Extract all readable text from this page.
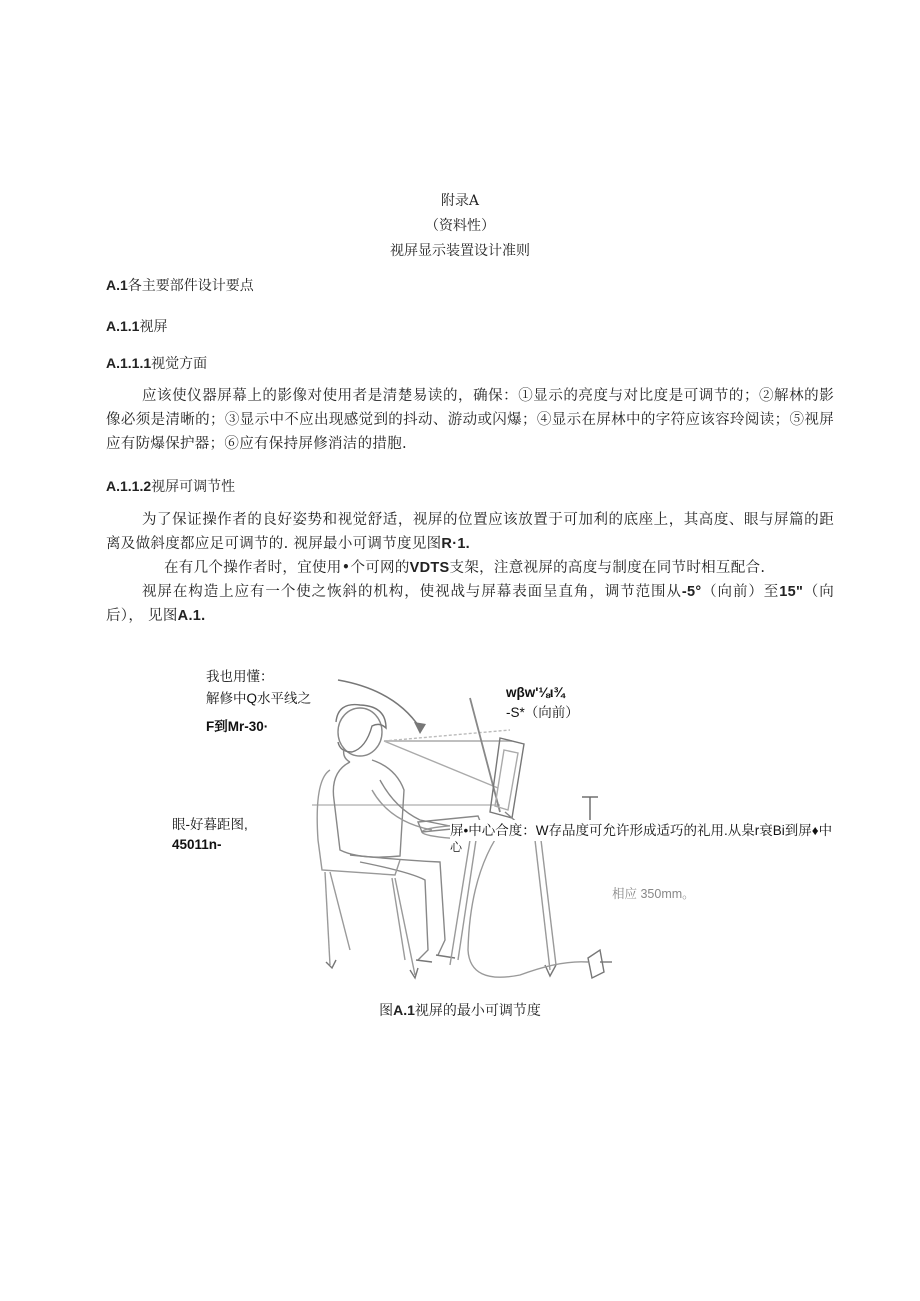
附录A
（资料性）
视屏显示装置设计准则
A.1各主要部件设计要点
A.1.1视屏
A.1.1.1视觉方面

应该使仪器屏幕上的影像对使用者是清楚易读的，确保：①显示的亮度与对比度是可调节的；②解林的影像必须是清晰的；③显示中不应出现感觉到的抖动、游动或闪爆；④显示在屏林中的字符应该容玲阅读；⑤视屏应有防爆保护器；⑥应有保持屏修消洁的措胞.

A.1.1.2视屏可调节性

为了保证操作者的良好姿势和视觉舒适，视屏的位置应该放置于可加利的底座上，其高度、眼与屏篇的距离及做斜度都应足可调节的. 视屏最小可调节度见图R·1.

在有几个操作者时，宜使用•个可网的VDTS支架，注意视屏的高度与制度在同节时相互配合.

视屏在构造上应有一个使之恢斜的机构，使视战与屏幕表面呈直角，调节范围从-5°（向前）至15"（向后）， 见图A.1.

我也用懂：
解修中Q水平线之
F到Mr-30·
wβw'⅛ι¾
-S*（向前）
眼-好暮距图,
45011n-
屏•中心合度：W存品度可允许形成适巧的礼用.从臬r衰Bi到屏♦中
心
相应 350mm。
图A.1视屏的最小可调节度
